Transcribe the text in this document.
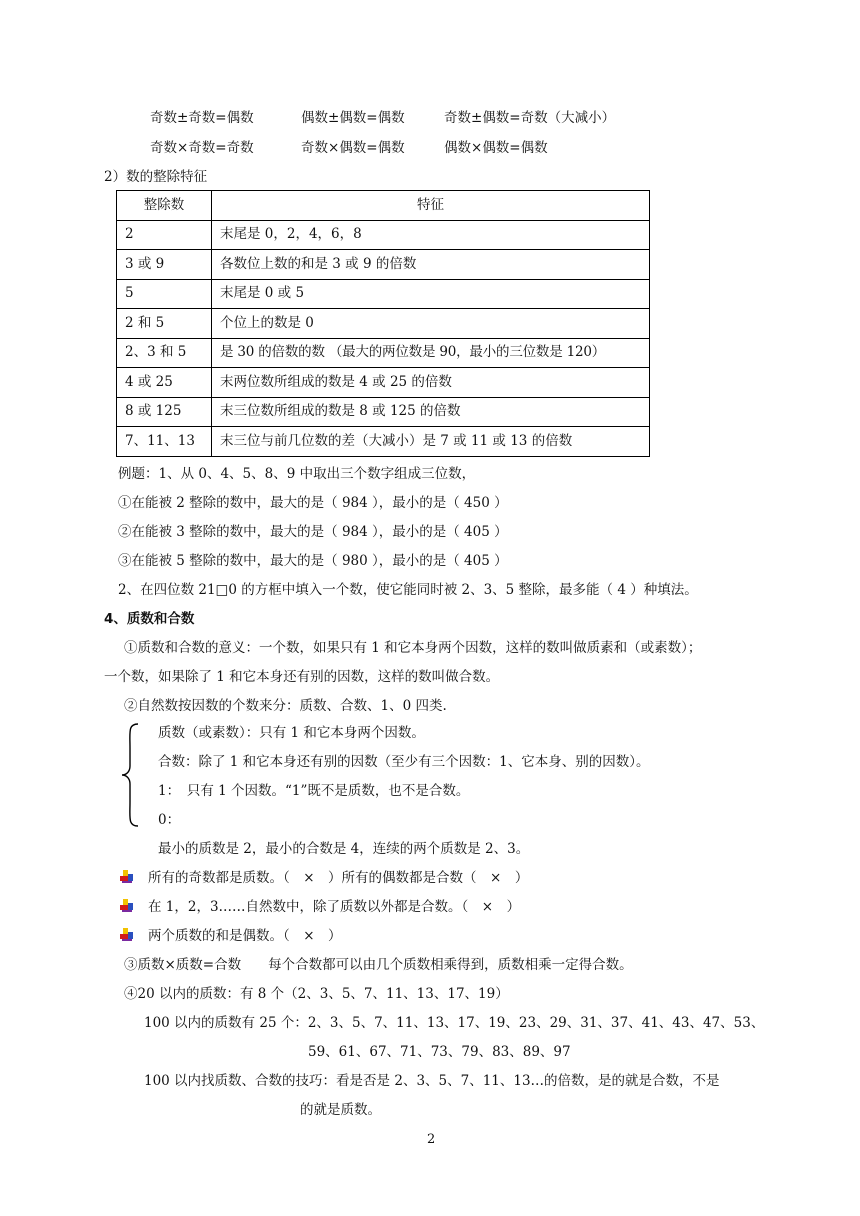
奇数±奇数=偶数	偶数±偶数=偶数	奇数±偶数=奇数（大减小）
奇数×奇数=奇数	奇数×偶数=偶数	偶数×偶数=偶数
2）数的整除特征
整除数	特征
2	末尾是 0，2，4，6，8
3 或 9	各数位上数的和是 3 或 9 的倍数
5	末尾是 0 或 5
2 和 5	个位上的数是 0
2、3 和 5	是 30 的倍数的数 （最大的两位数是 90，最小的三位数是 120）
4 或 25	末两位数所组成的数是 4 或 25 的倍数
8 或 125	末三位数所组成的数是 8 或 125 的倍数
7、11、13	末三位与前几位数的差（大减小）是 7 或 11 或 13 的倍数
例题：1、从 0、4、5、8、9 中取出三个数字组成三位数，
①在能被 2 整除的数中，最大的是（ 984 ），最小的是（ 450 ）
②在能被 3 整除的数中，最大的是（ 984 ），最小的是（ 405 ）
③在能被 5 整除的数中，最大的是（ 980 ），最小的是（ 405 ）
2、在四位数 21□0 的方框中填入一个数，使它能同时被 2、3、5 整除，最多能（ 4 ）种填法。
4、质数和合数
①质数和合数的意义：一个数，如果只有 1 和它本身两个因数，这样的数叫做质素和（或素数）；
一个数，如果除了 1 和它本身还有别的因数，这样的数叫做合数。
②自然数按因数的个数来分：质数、合数、1、0 四类.
质数（或素数）：只有 1 和它本身两个因数。
合数：除了 1 和它本身还有别的因数（至少有三个因数：1、它本身、别的因数）。
1：　只有 1 个因数。“1”既不是质数，也不是合数。
0：
最小的质数是 2，最小的合数是 4，连续的两个质数是 2、3。
所有的奇数都是质数。（　×　）所有的偶数都是合数（　×　）
在 1，2，3……自然数中，除了质数以外都是合数。（　×　）
两个质数的和是偶数。（　×　）
③质数×质数=合数　　每个合数都可以由几个质数相乘得到，质数相乘一定得合数。
④20 以内的质数：有 8 个（2、3、5、7、11、13、17、19）
100 以内的质数有 25 个：2、3、5、7、11、13、17、19、23、29、31、37、41、43、47、53、
59、61、67、71、73、79、83、89、97
100 以内找质数、合数的技巧：看是否是 2、3、5、7、11、13…的倍数，是的就是合数，不是
的就是质数。
2
